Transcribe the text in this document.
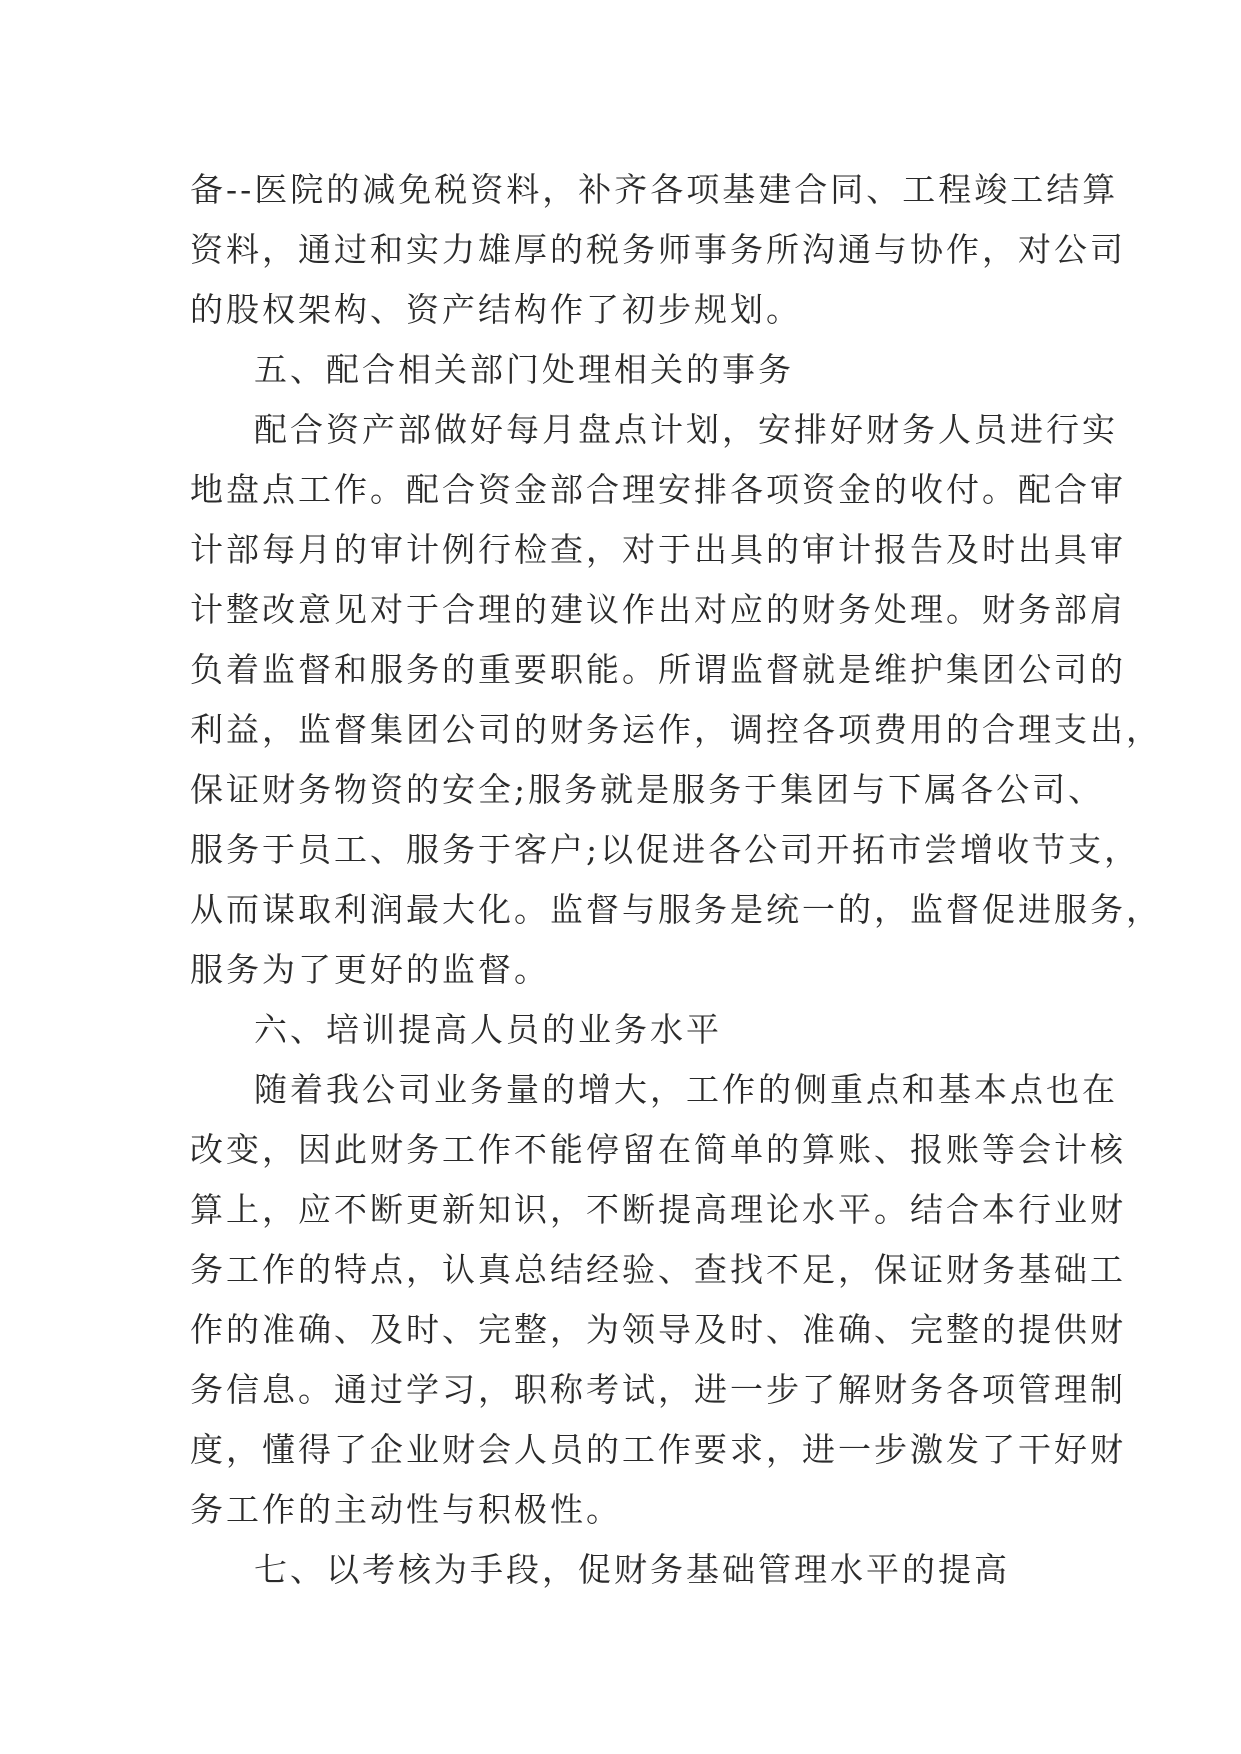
备--医院的减免税资料，补齐各项基建合同、工程竣工结算
资料，通过和实力雄厚的税务师事务所沟通与协作，对公司
的股权架构、资产结构作了初步规划。
五、配合相关部门处理相关的事务
配合资产部做好每月盘点计划，安排好财务人员进行实
地盘点工作。配合资金部合理安排各项资金的收付。配合审
计部每月的审计例行检查，对于出具的审计报告及时出具审
计整改意见对于合理的建议作出对应的财务处理。财务部肩
负着监督和服务的重要职能。所谓监督就是维护集团公司的
利益，监督集团公司的财务运作，调控各项费用的合理支出，
保证财务物资的安全;服务就是服务于集团与下属各公司、
服务于员工、服务于客户;以促进各公司开拓市尝增收节支，
从而谋取利润最大化。监督与服务是统一的，监督促进服务，
服务为了更好的监督。
六、培训提高人员的业务水平
随着我公司业务量的增大，工作的侧重点和基本点也在
改变，因此财务工作不能停留在简单的算账、报账等会计核
算上，应不断更新知识，不断提高理论水平。结合本行业财
务工作的特点，认真总结经验、查找不足，保证财务基础工
作的准确、及时、完整，为领导及时、准确、完整的提供财
务信息。通过学习，职称考试，进一步了解财务各项管理制
度，懂得了企业财会人员的工作要求，进一步激发了干好财
务工作的主动性与积极性。
七、以考核为手段，促财务基础管理水平的提高
